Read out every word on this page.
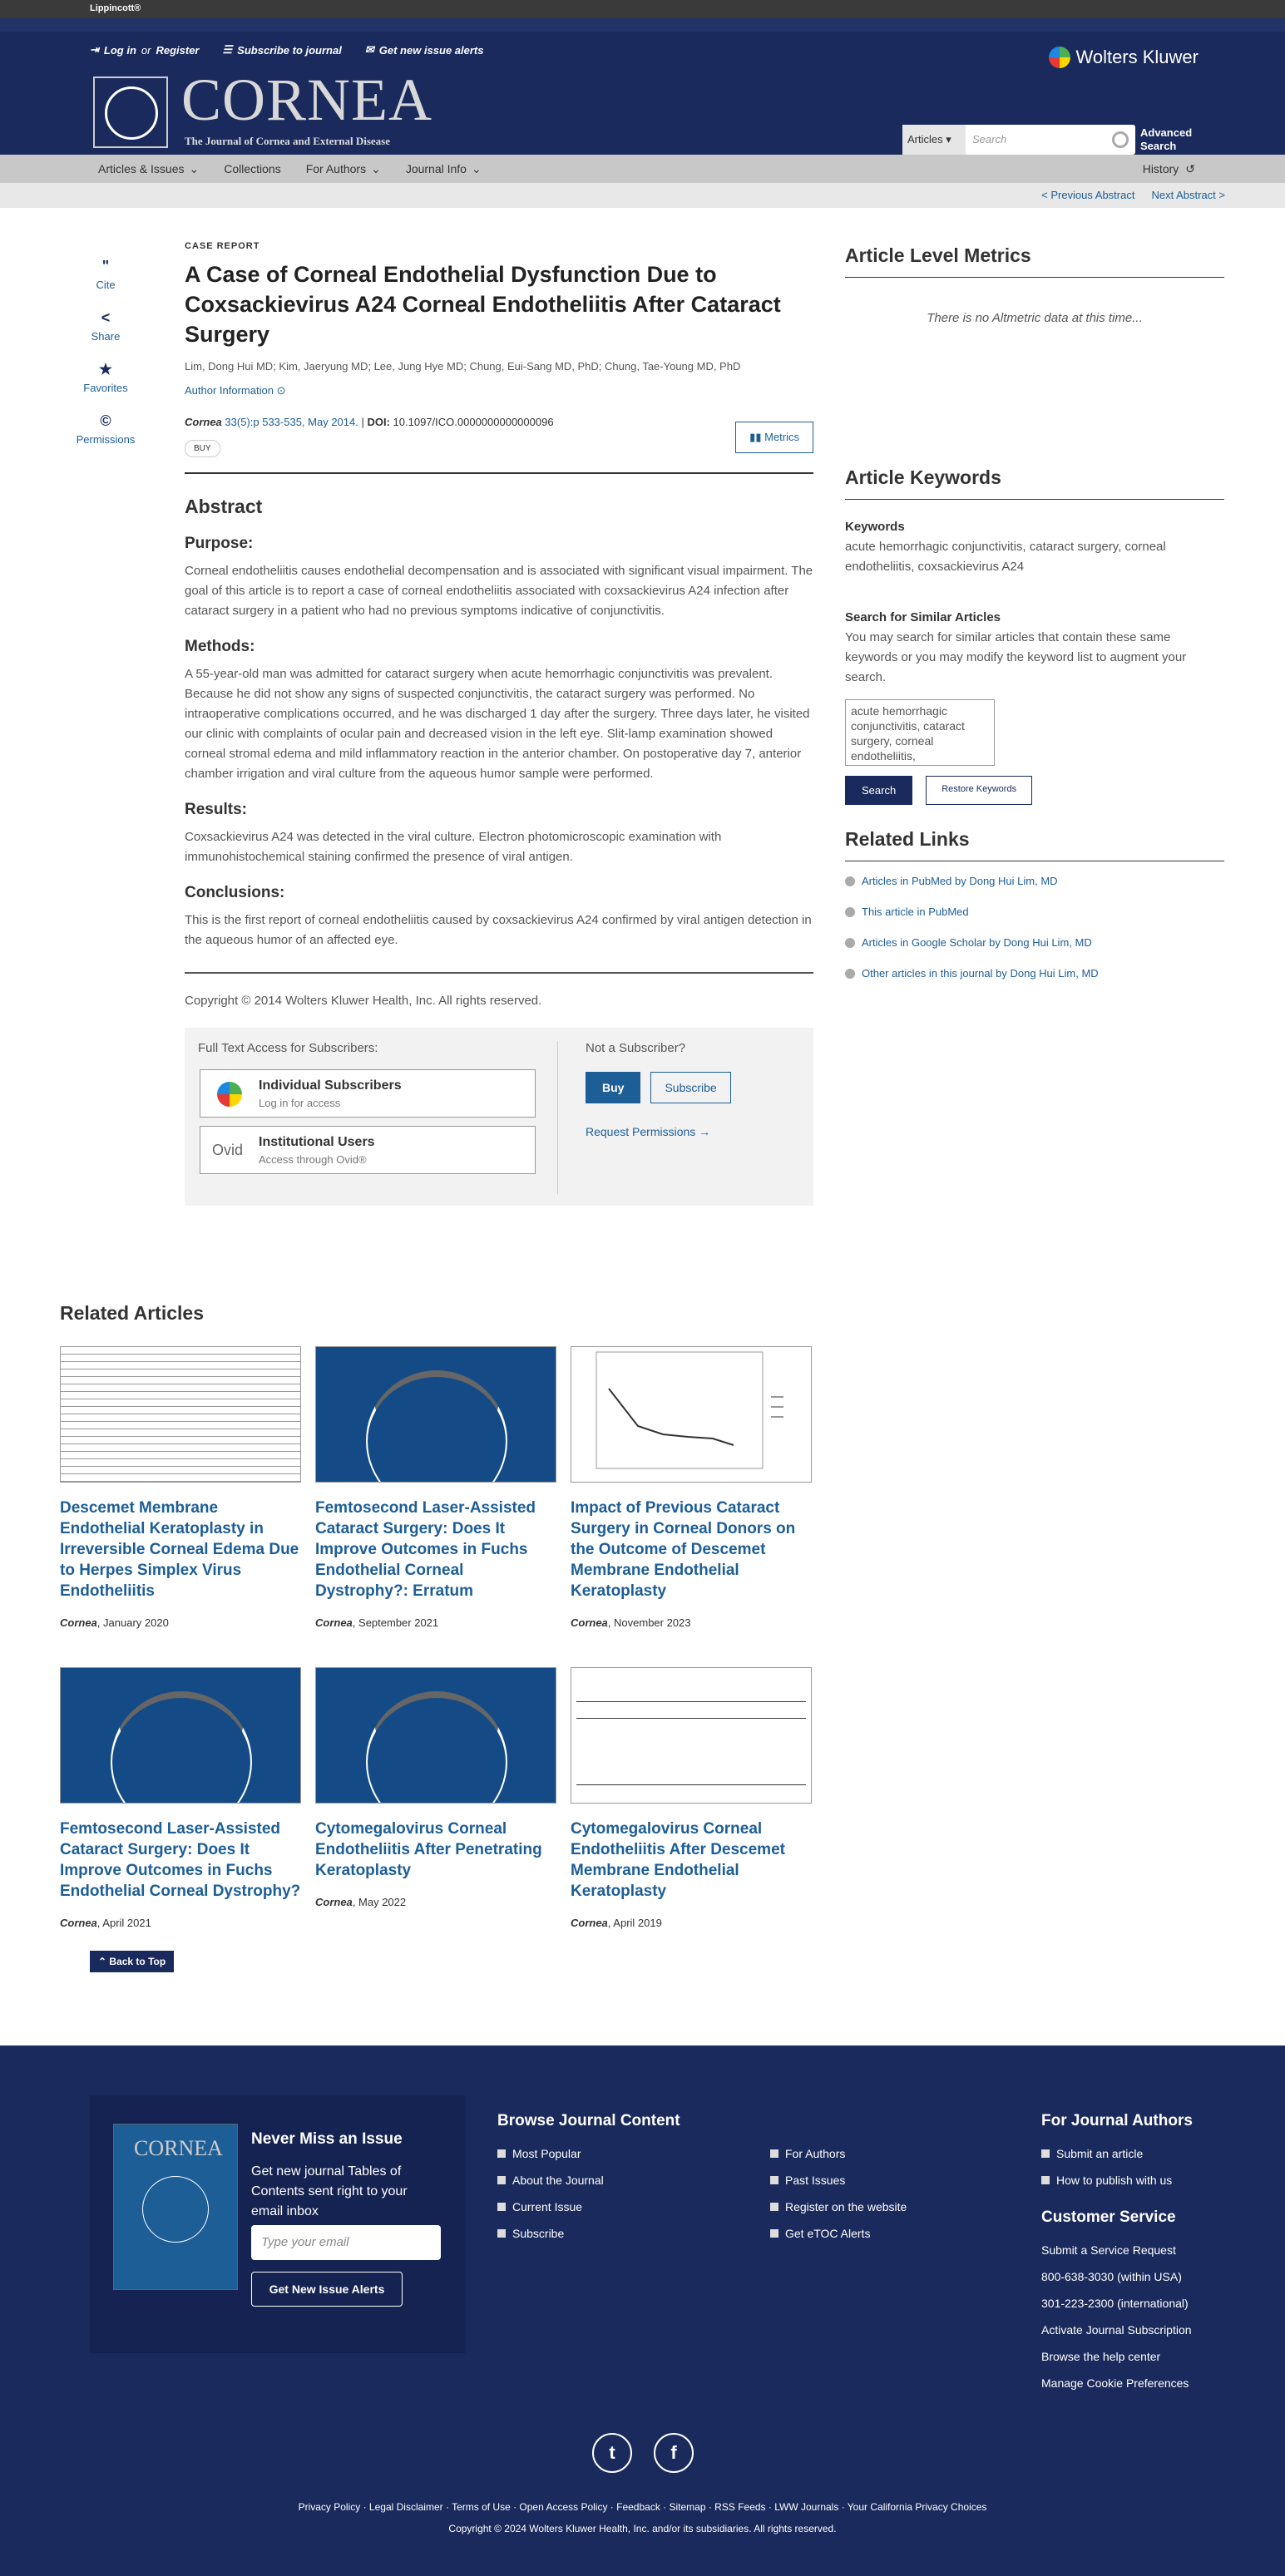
Lippincott®
⇥ Log in or Register ☰ Subscribe to journal ✉ Get new issue alerts
CORNEA
The Journal of Cornea and External Disease
Wolters Kluwer
Articles ▾	Search
Advanced Search
Articles & Issues ⌄ Collections For Authors ⌄ Journal Info ⌄	History ↺
< Previous Abstract Next Abstract >
"
Cite
<
Share
★
Favorites
©
Permissions
CASE REPORT
A Case of Corneal Endothelial Dysfunction Due to Coxsackievirus A24 Corneal Endotheliitis After Cataract Surgery
Lim, Dong Hui MD; Kim, Jaeryung MD; Lee, Jung Hye MD; Chung, Eui-Sang MD, PhD; Chung, Tae-Young MD, PhD
Author Information ⊙
Cornea 33(5):p 533-535, May 2014. | DOI: 10.1097/ICO.0000000000000096
BUY
▮▮ Metrics
Abstract
Purpose:

Corneal endotheliitis causes endothelial decompensation and is associated with significant visual impairment. The goal of this article is to report a case of corneal endotheliitis associated with coxsackievirus A24 infection after cataract surgery in a patient who had no previous symptoms indicative of conjunctivitis.

Methods:

A 55-year-old man was admitted for cataract surgery when acute hemorrhagic conjunctivitis was prevalent. Because he did not show any signs of suspected conjunctivitis, the cataract surgery was performed. No intraoperative complications occurred, and he was discharged 1 day after the surgery. Three days later, he visited our clinic with complaints of ocular pain and decreased vision in the left eye. Slit-lamp examination showed corneal stromal edema and mild inflammatory reaction in the anterior chamber. On postoperative day 7, anterior chamber irrigation and viral culture from the aqueous humor sample were performed.

Results:

Coxsackievirus A24 was detected in the viral culture. Electron photomicroscopic examination with immunohistochemical staining confirmed the presence of viral antigen.

Conclusions:

This is the first report of corneal endotheliitis caused by coxsackievirus A24 confirmed by viral antigen detection in the aqueous humor of an affected eye.

Copyright © 2014 Wolters Kluwer Health, Inc. All rights reserved.
Full Text Access for Subscribers:
Individual Subscribers
Log in for access
Ovid Institutional Users
Access through Ovid®
Not a Subscriber?
Buy	Subscribe
Request Permissions →
Article Level Metrics
There is no Altmetric data at this time...
Article Keywords
Keywords
acute hemorrhagic conjunctivitis, cataract surgery, corneal endotheliitis, coxsackievirus A24
Search for Similar Articles
You may search for similar articles that contain these same keywords or you may modify the keyword list to augment your search.
acute hemorrhagic conjunctivitis, cataract surgery, corneal endotheliitis,
Search	Restore Keywords
Related Links
Articles in PubMed by Dong Hui Lim, MD
This article in PubMed
Articles in Google Scholar by Dong Hui Lim, MD
Other articles in this journal by Dong Hui Lim, MD
Related Articles
Descemet Membrane Endothelial Keratoplasty in Irreversible Corneal Edema Due to Herpes Simplex Virus Endotheliitis
Cornea, January 2020
Femtosecond Laser-Assisted Cataract Surgery: Does It Improve Outcomes in Fuchs Endothelial Corneal Dystrophy?: Erratum
Cornea, September 2021
Impact of Previous Cataract Surgery in Corneal Donors on the Outcome of Descemet Membrane Endothelial Keratoplasty
Cornea, November 2023
Femtosecond Laser-Assisted Cataract Surgery: Does It Improve Outcomes in Fuchs Endothelial Corneal Dystrophy?
Cornea, April 2021
Cytomegalovirus Corneal Endotheliitis After Penetrating Keratoplasty
Cornea, May 2022
Cytomegalovirus Corneal Endotheliitis After Descemet Membrane Endothelial Keratoplasty
Cornea, April 2019
⌃ Back to Top
CORNEA Never Miss an Issue
Get new journal Tables of Contents sent right to your email inbox
Type your email
Get New Issue Alerts
Browse Journal Content
Most Popular
About the Journal
Current Issue
Subscribe
For Authors
Past Issues
Register on the website
Get eTOC Alerts
For Journal Authors
Submit an article
How to publish with us
Customer Service
Submit a Service Request
800-638-3030 (within USA)
301-223-2300 (international)
Activate Journal Subscription
Browse the help center
Manage Cookie Preferences
t	f
Privacy Policy · Legal Disclaimer · Terms of Use · Open Access Policy · Feedback · Sitemap · RSS Feeds · LWW Journals · Your California Privacy Choices
Copyright © 2024 Wolters Kluwer Health, Inc. and/or its subsidiaries. All rights reserved.
